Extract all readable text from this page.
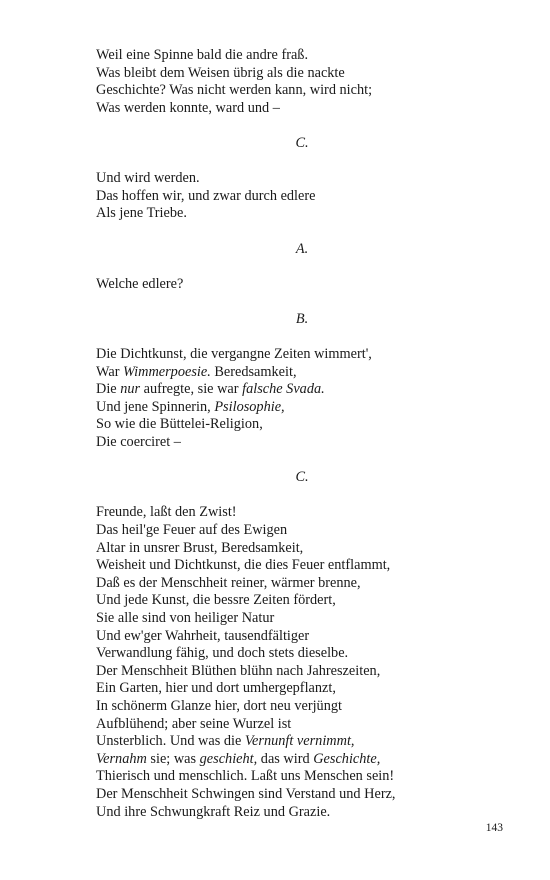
Weil eine Spinne bald die andre fraß.

Was bleibt dem Weisen übrig als die nackte

Geschichte? Was nicht werden kann, wird nicht;

Was werden konnte, ward und –

C.

Und wird werden.

Das hoffen wir, und zwar durch edlere

Als jene Triebe.

A.

Welche edlere?

B.

Die Dichtkunst, die vergangne Zeiten wimmert',

War Wimmerpoesie. Beredsamkeit,

Die nur aufregte, sie war falsche Svada.

Und jene Spinnerin, Psilosophie,

So wie die Büttelei-Religion,

Die coerciret –

C.

Freunde, laßt den Zwist!

Das heil'ge Feuer auf des Ewigen

Altar in unsrer Brust, Beredsamkeit,

Weisheit und Dichtkunst, die dies Feuer entflammt,

Daß es der Menschheit reiner, wärmer brenne,

Und jede Kunst, die bessre Zeiten fördert,

Sie alle sind von heiliger Natur

Und ew'ger Wahrheit, tausendfältiger

Verwandlung fähig, und doch stets dieselbe.

Der Menschheit Blüthen blühn nach Jahreszeiten,

Ein Garten, hier und dort umhergepflanzt,

In schönerm Glanze hier, dort neu verjüngt

Aufblühend; aber seine Wurzel ist

Unsterblich. Und was die Vernunft vernimmt,

Vernahm sie; was geschieht, das wird Geschichte,

Thierisch und menschlich. Laßt uns Menschen sein!

Der Menschheit Schwingen sind Verstand und Herz,

Und ihre Schwungkraft Reiz und Grazie.

143
